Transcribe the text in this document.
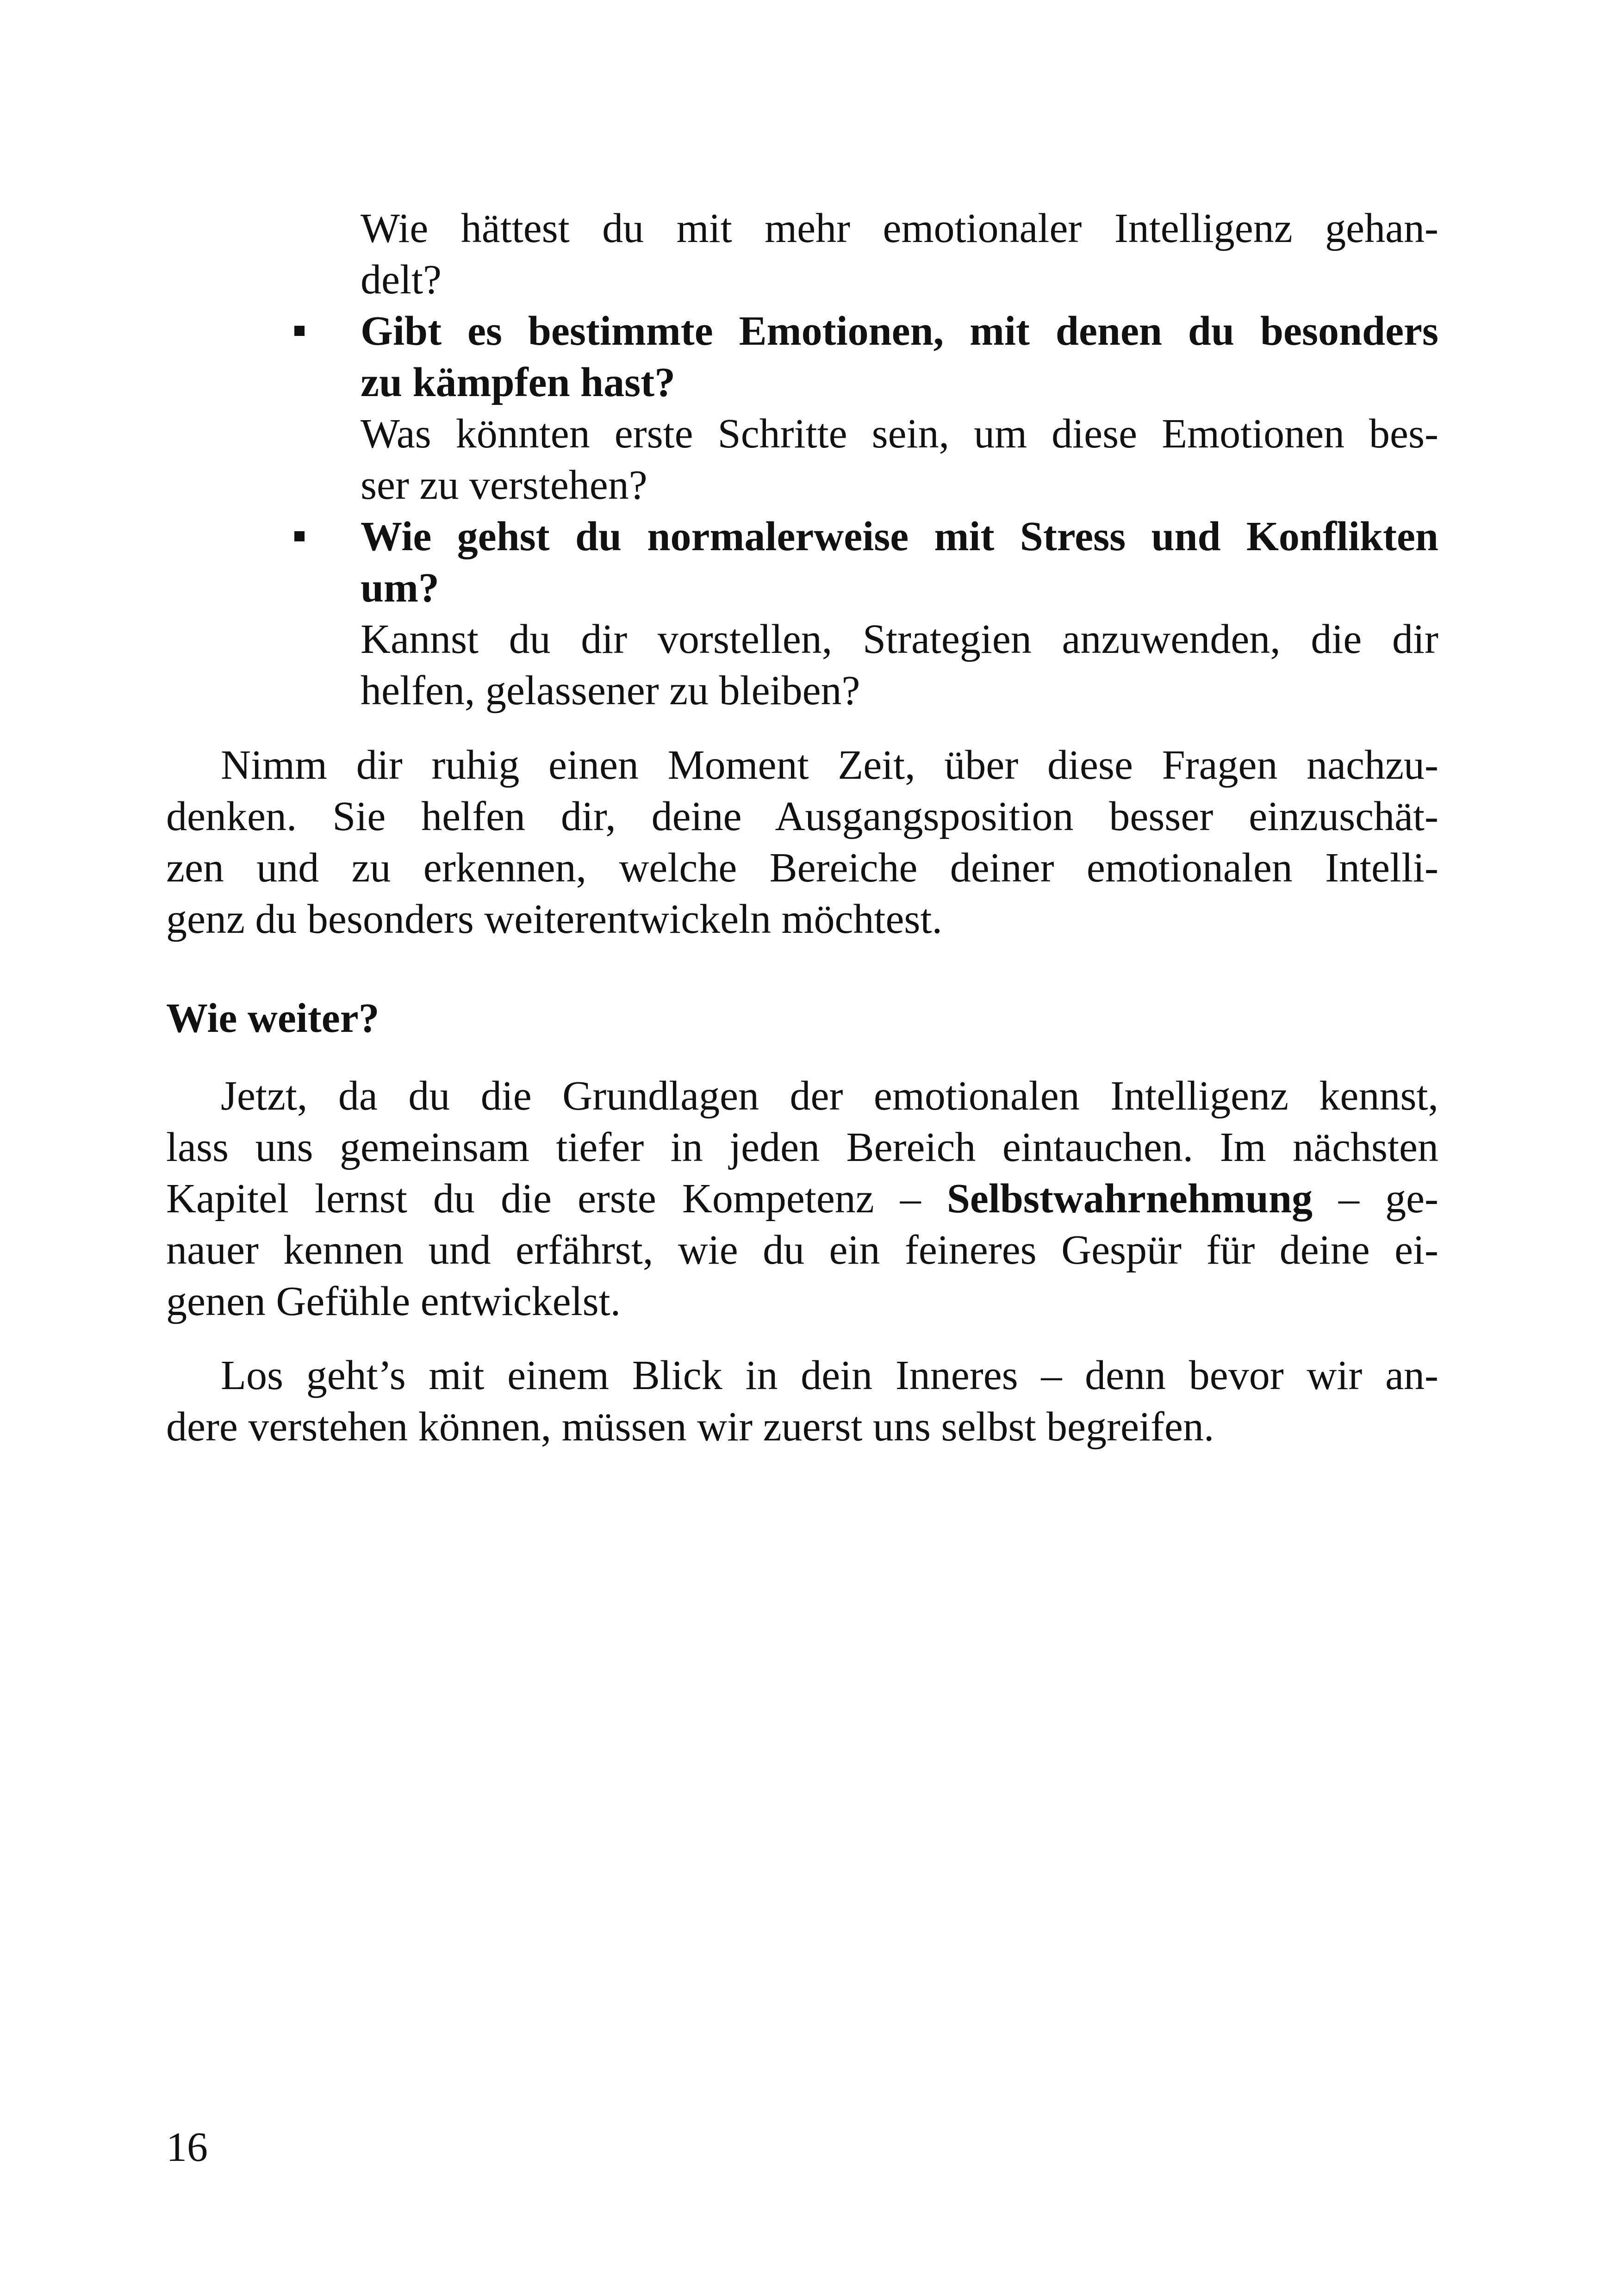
Wie hättest du mit mehr emotionaler Intelligenz gehan-
delt?
Gibt es bestimmte Emotionen, mit denen du besonders
zu kämpfen hast?
Was könnten erste Schritte sein, um diese Emotionen bes-
ser zu verstehen?
Wie gehst du normalerweise mit Stress und Konflikten
um?
Kannst du dir vorstellen, Strategien anzuwenden, die dir
helfen, gelassener zu bleiben?
Nimm dir ruhig einen Moment Zeit, über diese Fragen nachzu-
denken. Sie helfen dir, deine Ausgangsposition besser einzuschät-
zen und zu erkennen, welche Bereiche deiner emotionalen Intelli-
genz du besonders weiterentwickeln möchtest.
Wie weiter?
Jetzt, da du die Grundlagen der emotionalen Intelligenz kennst,
lass uns gemeinsam tiefer in jeden Bereich eintauchen. Im nächsten
Kapitel lernst du die erste Kompetenz – Selbstwahrnehmung – ge-
nauer kennen und erfährst, wie du ein feineres Gespür für deine ei-
genen Gefühle entwickelst.
Los geht’s mit einem Blick in dein Inneres – denn bevor wir an-
dere verstehen können, müssen wir zuerst uns selbst begreifen.
16
